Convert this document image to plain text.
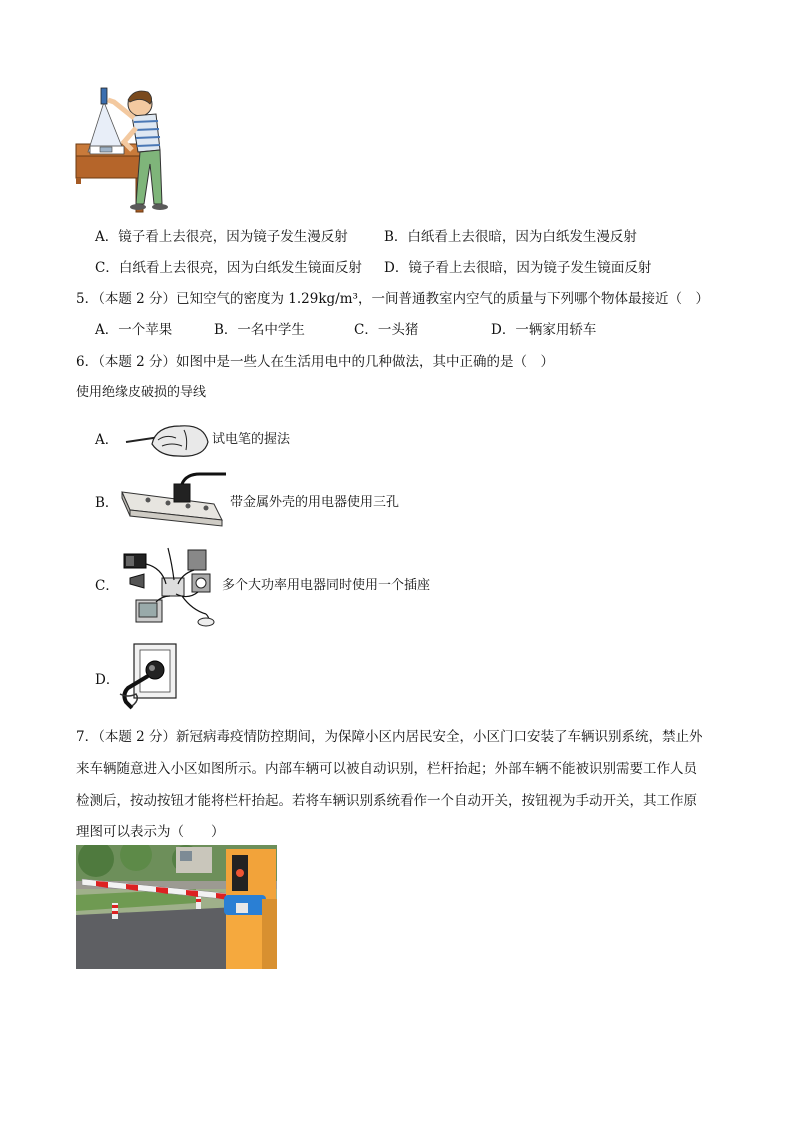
A．镜子看上去很亮，因为镜子发生漫反射	B．白纸看上去很暗，因为白纸发生漫反射
C．白纸看上去很亮，因为白纸发生镜面反射 D．镜子看上去很暗，因为镜子发生镜面反射
5．（本题 2 分）已知空气的密度为 1.29kg/m³，一间普通教室内空气的质量与下列哪个物体最接近（　）
A．一个苹果	B．一名中学生	C．一头猪	D．一辆家用轿车
6．（本题 2 分）如图中是一些人在生活用电中的几种做法，其中正确的是（　）
使用绝缘皮破损的导线
A．	试电笔的握法
B．	带金属外壳的用电器使用三孔
C．	多个大功率用电器同时使用一个插座
D．
7．（本题 2 分）新冠病毒疫情防控期间，为保障小区内居民安全，小区门口安装了车辆识别系统，禁止外
来车辆随意进入小区如图所示。内部车辆可以被自动识别，栏杆抬起；外部车辆不能被识别需要工作人员
检测后，按动按钮才能将栏杆抬起。若将车辆识别系统看作一个自动开关，按钮视为手动开关，其工作原
理图可以表示为（　　）
